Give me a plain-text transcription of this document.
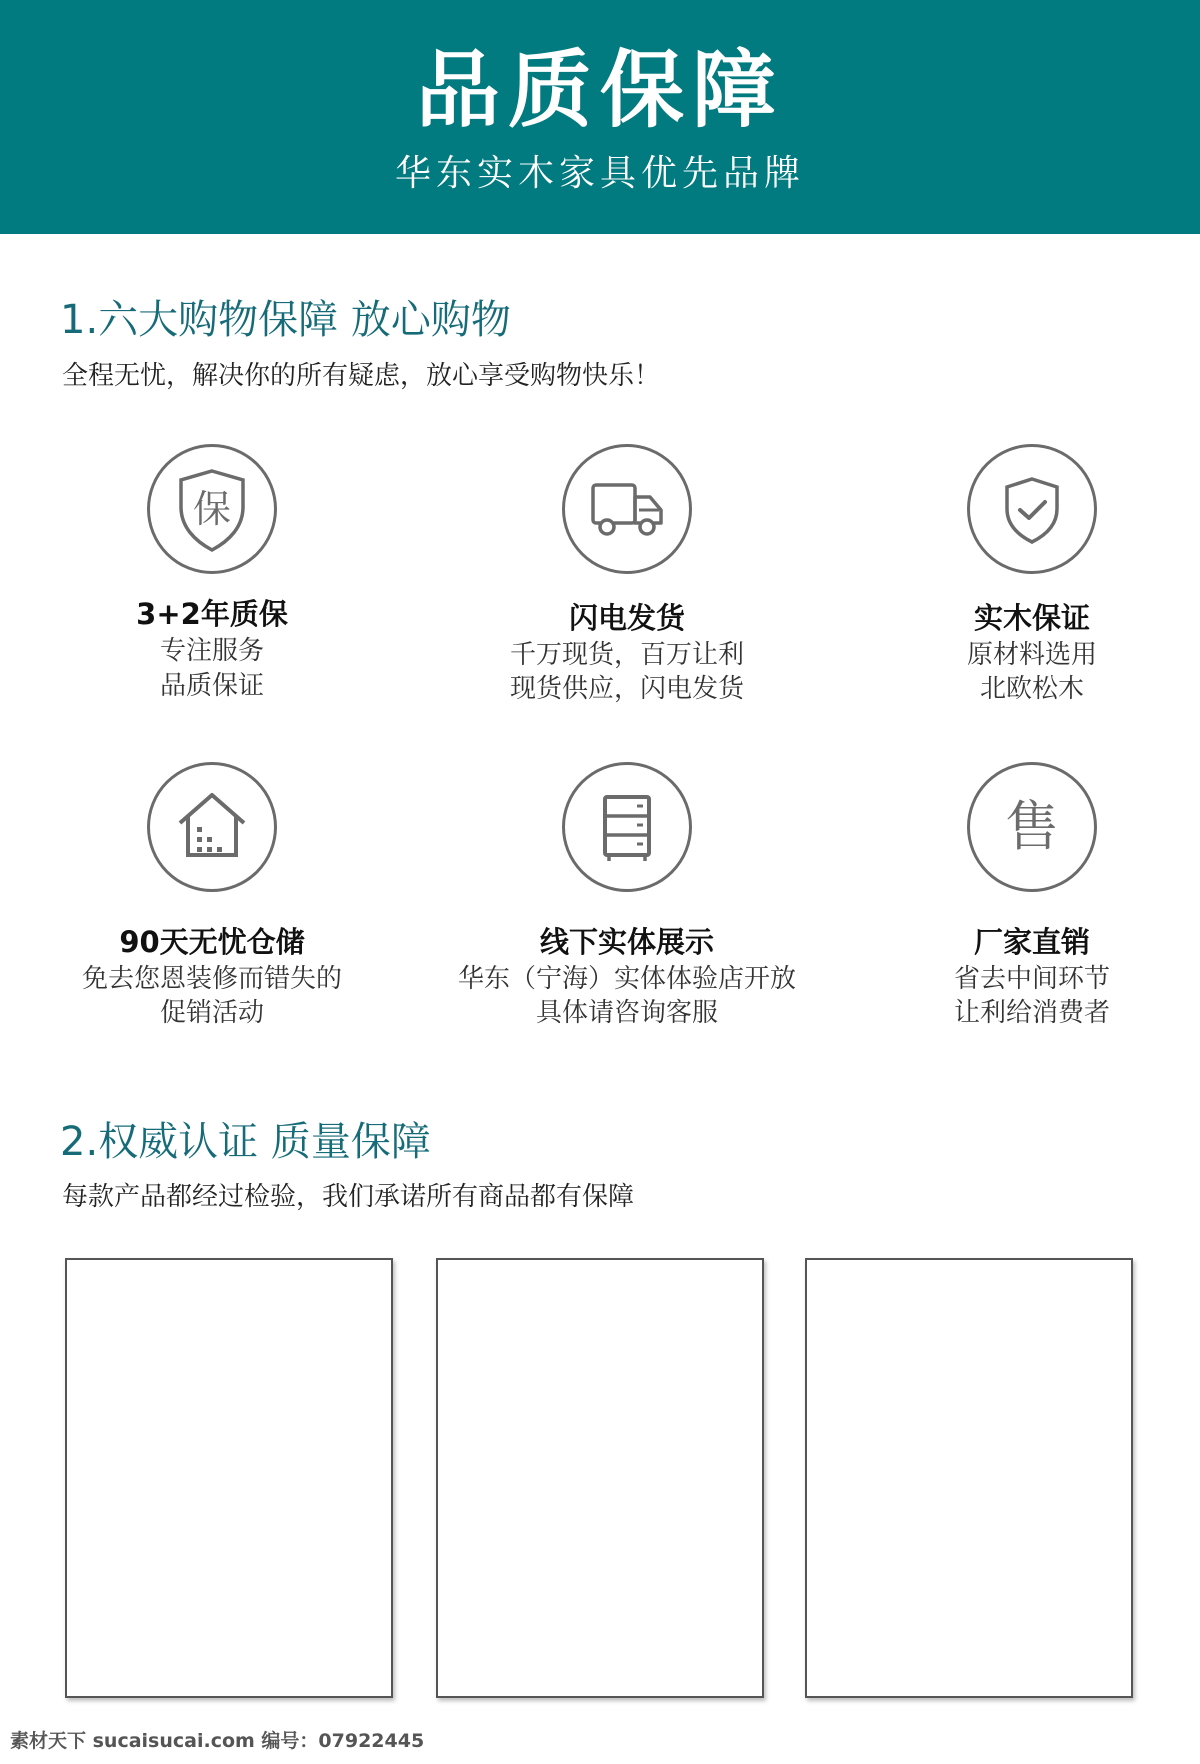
品质保障
华东实木家具优先品牌
1.六大购物保障 放心购物
全程无忧，解决你的所有疑虑，放心享受购物快乐！
保
3+2年质保
专注服务
品质保证
闪电发货
千万现货，百万让利
现货供应，闪电发货
实木保证
原材料选用
北欧松木
90天无忧仓储
免去您恩装修而错失的
促销活动
线下实体展示
华东（宁海）实体体验店开放
具体请咨询客服
售
厂家直销
省去中间环节
让利给消费者
2.权威认证 质量保障
每款产品都经过检验，我们承诺所有商品都有保障
素材天下 sucaisucai.com 编号：07922445
